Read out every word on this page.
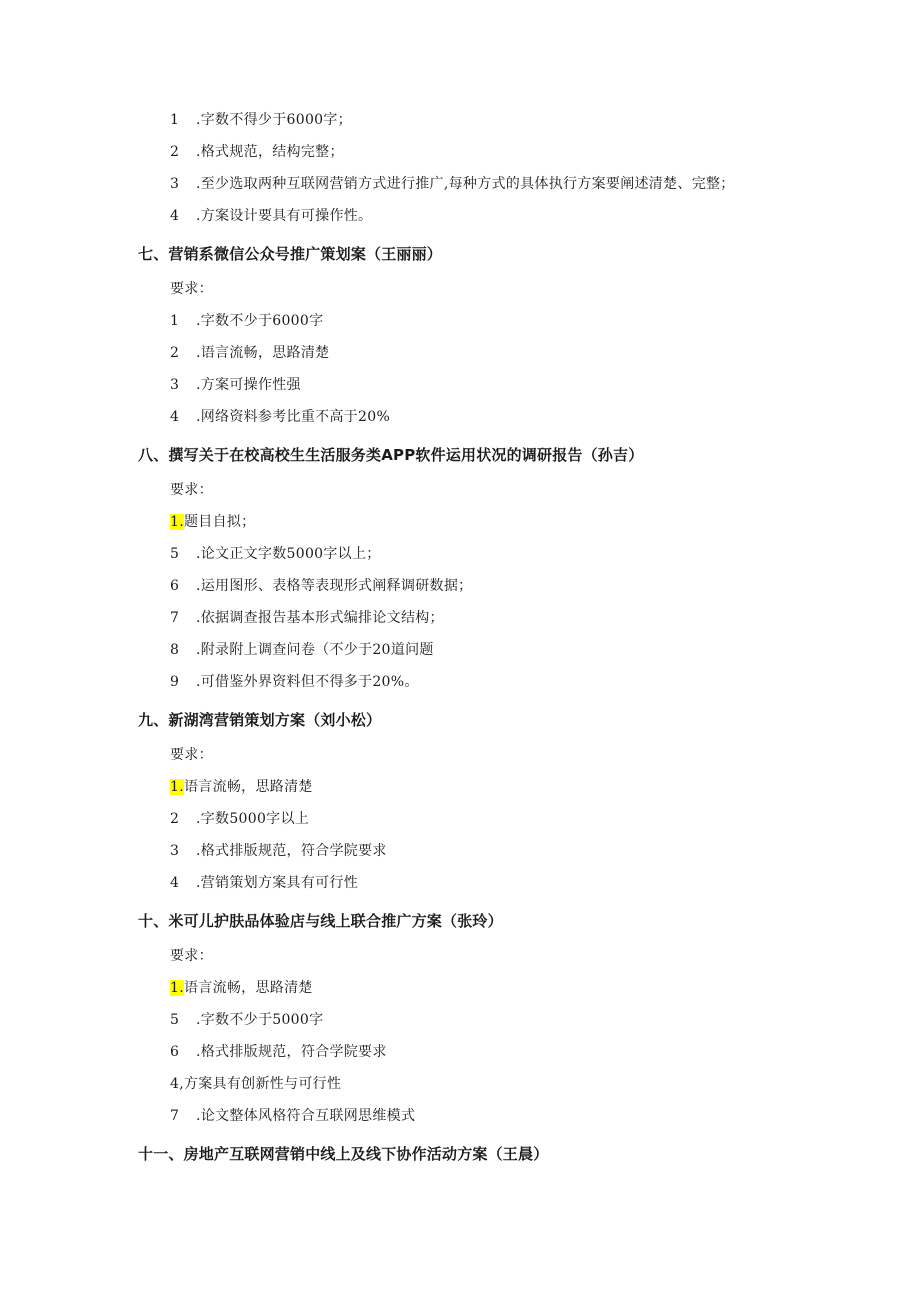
1 .字数不得少于6000字；
2 .格式规范，结构完整；
3 .至少选取两种互联网营销方式进行推广,每种方式的具体执行方案要阐述清楚、完整；
4 .方案设计要具有可操作性。
七、营销系微信公众号推广策划案（王丽丽）
要求：
1 .字数不少于6000字
2 .语言流畅，思路清楚
3 .方案可操作性强
4 .网络资料参考比重不高于20%
八、撰写关于在校高校生生活服务类APP软件运用状况的调研报告（孙吉）
要求：
1.题目自拟；
5 .论文正文字数5000字以上；
6 .运用图形、表格等表现形式阐释调研数据；
7 .依据调查报告基本形式编排论文结构；
8 .附录附上调查问卷（不少于20道问题
9 .可借鉴外界资料但不得多于20%。
九、新湖湾营销策划方案（刘小松）
要求：
1.语言流畅，思路清楚
2 .字数5000字以上
3 .格式排版规范，符合学院要求
4 .营销策划方案具有可行性
十、米可儿护肤品体验店与线上联合推广方案（张玲）
要求：
1.语言流畅，思路清楚
5 .字数不少于5000字
6 .格式排版规范，符合学院要求
4,方案具有创新性与可行性
7 .论文整体风格符合互联网思维模式
十一、房地产互联网营销中线上及线下协作活动方案（王晨）
